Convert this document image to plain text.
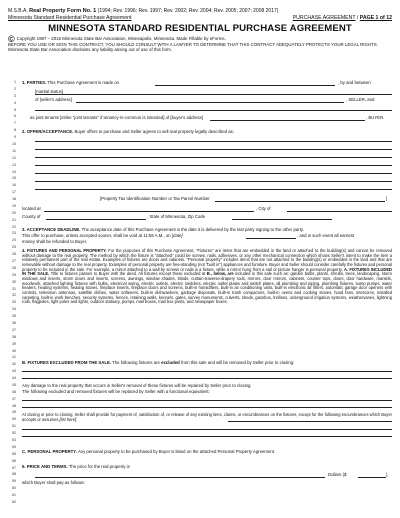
M.S.B.A. Real Property Form No. 1 (1994; Rev. 1996; Rev. 1997; Rev. 2002; Rev. 2004; Rev. 2005; 2007; 2008 2017)
Minnesota Standard Residential Purchase Agreement	PURCHASE AGREEMENT / PAGE 1 of 12
MINNESOTA STANDARD RESIDENTIAL PURCHASE AGREEMENT
© Copyright 1987 – 2016 Minnesota State Bar Association, Minneapolis, Minnesota. Made Fillable by eForms.
BEFORE YOU USE OR SIGN THIS CONTRACT, YOU SHOULD CONSULT WITH A LAWYER TO DETERMINE THAT THIS CONTRACT ADEQUATELY PROTECTS YOUR LEGAL RIGHTS. Minnesota State Bar Association disclaims any liability arising out of use of this form.
1
2
3
4
5
6
7
8
9
10
11
12
13
14
15
16
17
18
19
20
21
22
23
24
25
26
27
28
29
30
31
32
33
34
35
36
37
38
39
40
41
42
43
44
45
46
47
48
49
50
51
52
53
54
55
56
57
58
59
60
61
62
1. PARTIES. This Purchase Agreement is made on	, by and between
[marital status]
of [seller's address]	, SELLER, and
as joint tenants [strike "joint tenants" if tenancy-in-common is intended] of [buyer's address]	, BUYER.
2. OFFER/ACCEPTANCE. Buyer offers to purchase and Seller agrees to sell real property legally described as:
[Property Tax Identification Number or Tax Parcel Number	]
located at	, City of
County of	, State of Minnesota, Zip Code	.
3. ACCEPTANCE DEADLINE. The acceptance date of this Purchase Agreement is the date it is delivered by the last party signing to the other party.
This offer to purchase, unless accepted sooner, shall be void at 11:59 A.M., on [date]	, and in such event all earnest
money shall be refunded to Buyer.
4. FIXTURES AND PERSONAL PROPERTY. For the purposes of this Purchase Agreement, "Fixtures" are items that are embedded in the land or attached to the building(s) and cannot be removed without damage to the real property. The method by which the fixture is "attached" could be screws, nails, adhesives, or any other mechanical connection which shows Seller's intent to make the item a relatively permanent part of the real estate. Examples of fixtures are doors and cabinets. "Personal property" includes items that are not attached to the building(s) or embedded in the land and that are removable without damage to the real property. Examples of personal property are free-standing (not "built in") appliances and furniture. Buyer and Seller should consider carefully the fixtures and personal property to be included in the sale. For example, a mirror attached to a wall by screws or nails is a fixture, while a mirror hung from a nail or picture hanger is personal property. A. FIXTURES INCLUDED IN THE SALE. Title to fixtures passes to Buyer with the deed. All fixtures except those excluded at B., below, are included in this sale such as: garden bulbs, plants, shrubs, trees, landscaping, storm windows and inserts, storm doors and inserts, screens, awnings, window shades, blinds, curtain-traverse-drapery rods, mirrors, door mirrors, cabinets, counter tops, doors, door hardware, mantels, woodwork, attached lighting fixtures with bulbs, electrical wiring, electric outlets, electric switches, electric outlet plates and switch plates, all plumbing and piping, plumbing fixtures, sump pumps, water heaters, heating systems, heating stoves, fireplace inserts, fireplace doors and screens, built-in humidifiers, built-in air conditioning units, built-in electronic air filters, automatic garage door openers with controls, television antennas, satellite dishes, water softeners, built-in dishwashers, garbage disposals, built-in trash compactors, built-in ovens and cooking stoves, hood fans, intercoms, installed carpeting, built-in work benches, security systems, fences, retaining walls, kennels, gates, survey monuments, culverts, sheds, gazebos, trellises, underground irrigation systems, weathervanes, lightning rods, flagpoles, light poles and lights, outdoor statuary, pumps, mail boxes, mail box posts, and newspaper boxes.
B. FIXTURES EXCLUDED FROM THE SALE. The following fixtures are excluded from this sale and will be removed by Seller prior to closing:
Any damage to the real property that occurs in Seller's removal of these fixtures will be repaired by Seller prior to closing.
The following excluded and removed fixtures will be replaced by Seller with a functional equivalent:
At closing or prior to closing, Seller shall provide for payment of, satisfaction of, or release of any existing liens, claims, or encumbrances on the fixtures, except for the following encumbrances which Buyer accepts or assumes [list here]:
C. PERSONAL PROPERTY. Any personal property to be purchased by Buyer is listed on the attached Personal Property Agreement.
5. PRICE AND TERMS. The price for the real property is
Dollars ($	),
which Buyer shall pay as follows:
